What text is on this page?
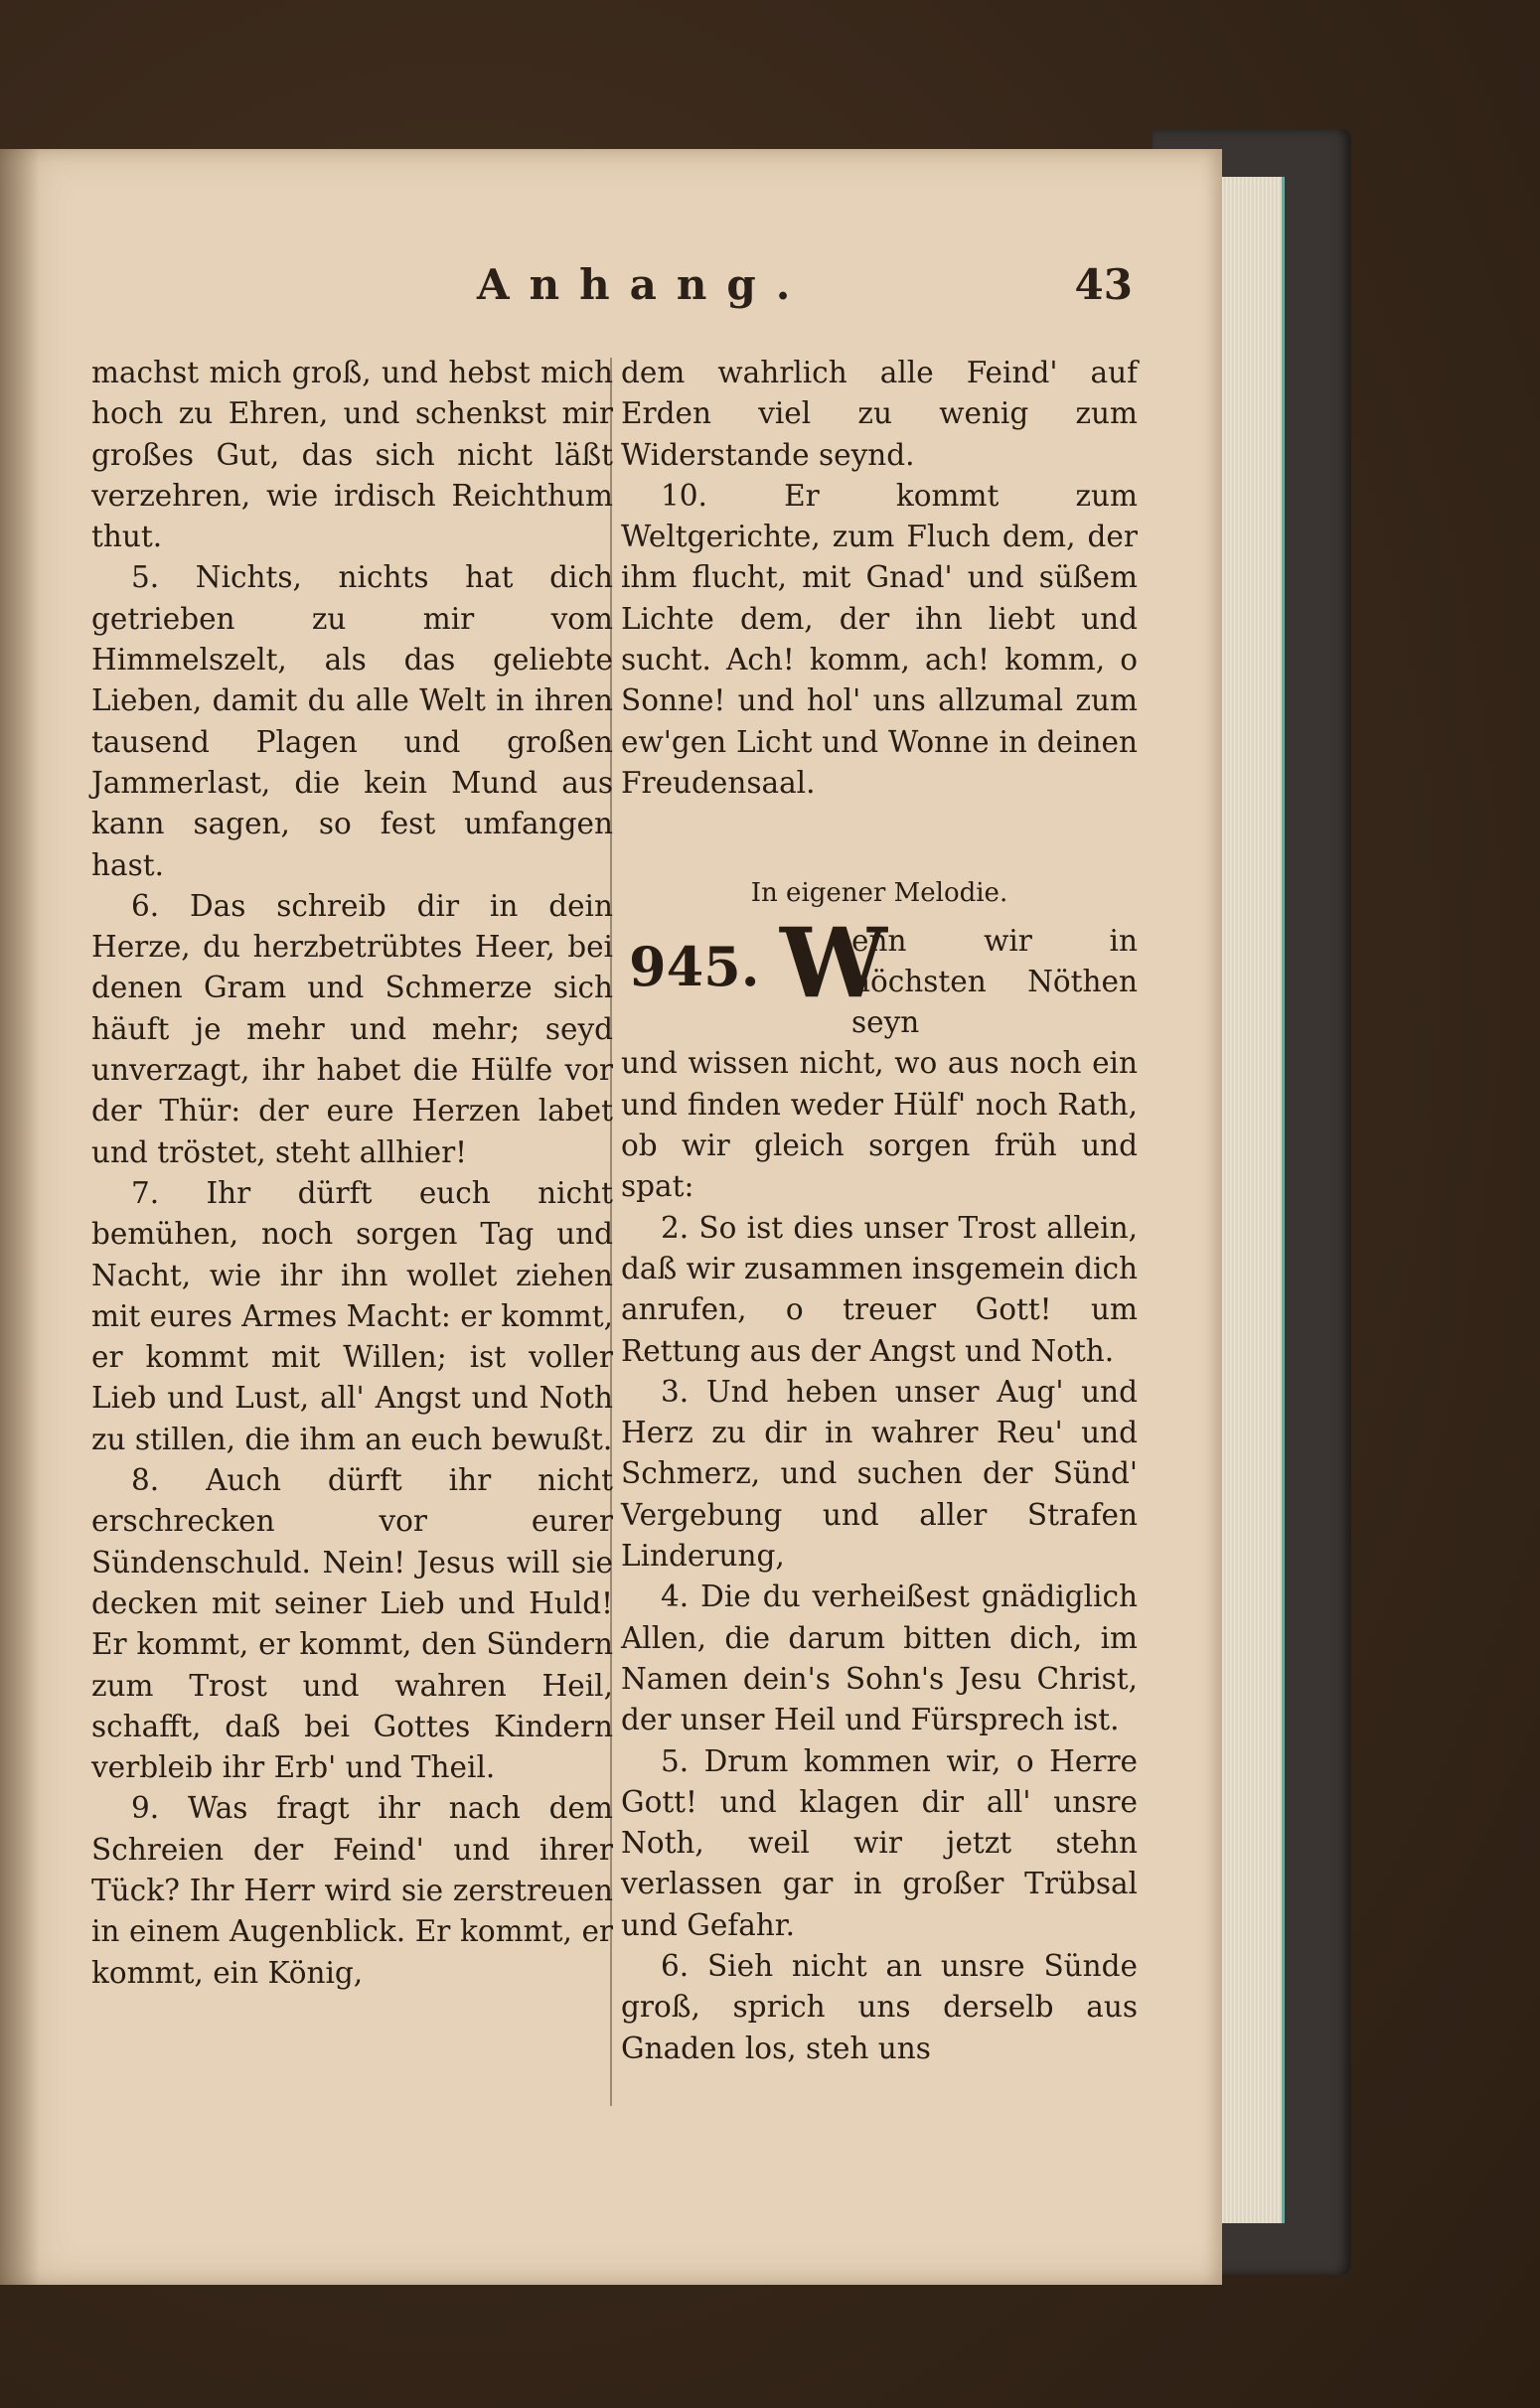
Anhang.	43

machst mich groß, und hebst mich hoch zu Ehren, und schenkst mir großes Gut, das sich nicht läßt verzehren, wie irdisch Reichthum thut.

5. Nichts, nichts hat dich getrieben zu mir vom Himmelszelt, als das geliebte Lieben, damit du alle Welt in ihren tausend Plagen und großen Jammerlast, die kein Mund aus kann sagen, so fest umfangen hast.

6. Das schreib dir in dein Herze, du herzbetrübtes Heer, bei denen Gram und Schmerze sich häuft je mehr und mehr; seyd unverzagt, ihr habet die Hülfe vor der Thür: der eure Herzen labet und tröstet, steht allhier!

7. Ihr dürft euch nicht bemühen, noch sorgen Tag und Nacht, wie ihr ihn wollet ziehen mit eures Armes Macht: er kommt, er kommt mit Willen; ist voller Lieb und Lust, all' Angst und Noth zu stillen, die ihm an euch bewußt.

8. Auch dürft ihr nicht erschrecken vor eurer Sündenschuld. Nein! Jesus will sie decken mit seiner Lieb und Huld! Er kommt, er kommt, den Sündern zum Trost und wahren Heil, schafft, daß bei Gottes Kindern verbleib ihr Erb' und Theil.

9. Was fragt ihr nach dem Schreien der Feind' und ihrer Tück? Ihr Herr wird sie zerstreuen in einem Augenblick. Er kommt, er kommt, ein König,

dem wahrlich alle Feind' auf Erden viel zu wenig zum Widerstande seynd.

10. Er kommt zum Weltgerichte, zum Fluch dem, der ihm flucht, mit Gnad' und süßem Lichte dem, der ihn liebt und sucht. Ach! komm, ach! komm, o Sonne! und hol' uns allzumal zum ew'gen Licht und Wonne in deinen Freudensaal.

In eigener Melodie.
945. W
enn wir in höchsten Nöthen seyn

und wissen nicht, wo aus noch ein und finden weder Hülf' noch Rath, ob wir gleich sorgen früh und spat:

2. So ist dies unser Trost allein, daß wir zusammen insgemein dich anrufen, o treuer Gott! um Rettung aus der Angst und Noth.

3. Und heben unser Aug' und Herz zu dir in wahrer Reu' und Schmerz, und suchen der Sünd' Vergebung und aller Strafen Linderung,

4. Die du verheißest gnädiglich Allen, die darum bitten dich, im Namen dein's Sohn's Jesu Christ, der unser Heil und Fürsprech ist.

5. Drum kommen wir, o Herre Gott! und klagen dir all' unsre Noth, weil wir jetzt stehn verlassen gar in großer Trübsal und Gefahr.

6. Sieh nicht an unsre Sünde groß, sprich uns derselb aus Gnaden los, steh uns
